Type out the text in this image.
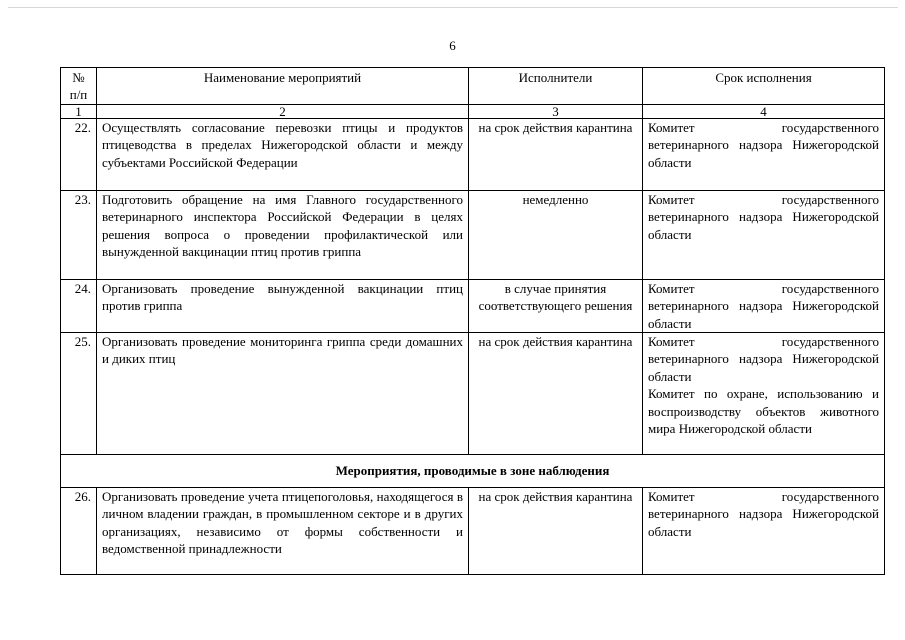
6
№ п/п	Наименование мероприятий	Исполнители	Срок исполнения
1	2	3	4
22.	Осуществлять согласование перевозки птицы и продуктов птицеводства в пределах Нижегородской области и между субъектами Российской Федерации	на срок действия карантина	Комитет государственного ветеринарного надзора Нижегородской области
23.	Подготовить обращение на имя Главного государственного ветеринарного инспектора Российской Федерации в целях решения вопроса о проведении профилактической или вынужденной вакцинации птиц против гриппа	немедленно	Комитет государственного ветеринарного надзора Нижегородской области
24.	Организовать проведение вынужденной вакцинации птиц против гриппа	в случае принятия соответствующего решения	Комитет государственного ветеринарного надзора Нижегородской области
25.	Организовать проведение мониторинга гриппа среди домашних и диких птиц	на срок действия карантина	Комитет государственного ветеринарного надзора Нижегородской области
Комитет по охране, использованию и воспроизводству объектов животного мира Нижегородской области

Мероприятия, проводимые в зоне наблюдения			
26.	Организовать проведение учета птицепоголовья, находящегося в личном владении граждан, в промышленном секторе и в других организациях, независимо от формы собственности и ведомственной принадлежности	на срок действия карантина	Комитет государственного ветеринарного надзора Нижегородской области
